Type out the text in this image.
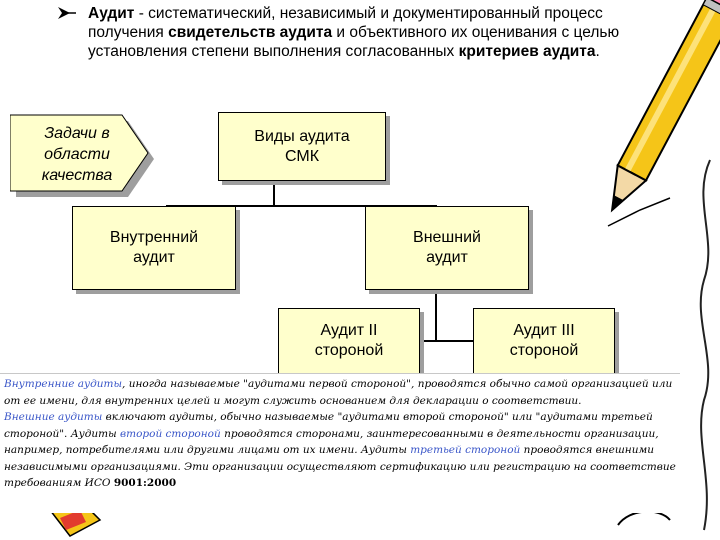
Аудит - систематический, независимый и документированный процесс получения свидетельств аудита и объективного их оценивания с целью установления степени выполнения согласованных критериев аудита.
Задачи в
области
качества
Виды аудита
СМК
Внутренний
аудит
Внешний
аудит
Аудит II
стороной
Аудит III
стороной
Внутренние аудиты, иногда называемые "аудитами первой стороной", проводятся обычно самой организацией или от ее имени, для внутренних целей и могут служить основанием для декларации о соответствии.
Внешние аудиты включают аудиты, обычно называемые "аудитами второй стороной" или "аудитами третьей стороной". Аудиты второй стороной проводятся сторонами, заинтересованными в деятельности организации, например, потребителями или другими лицами от их имени. Аудиты третьей стороной проводятся внешними независимыми организациями. Эти организации осуществляют сертификацию или регистрацию на соответствие требованиям ИСО 9001:2000
